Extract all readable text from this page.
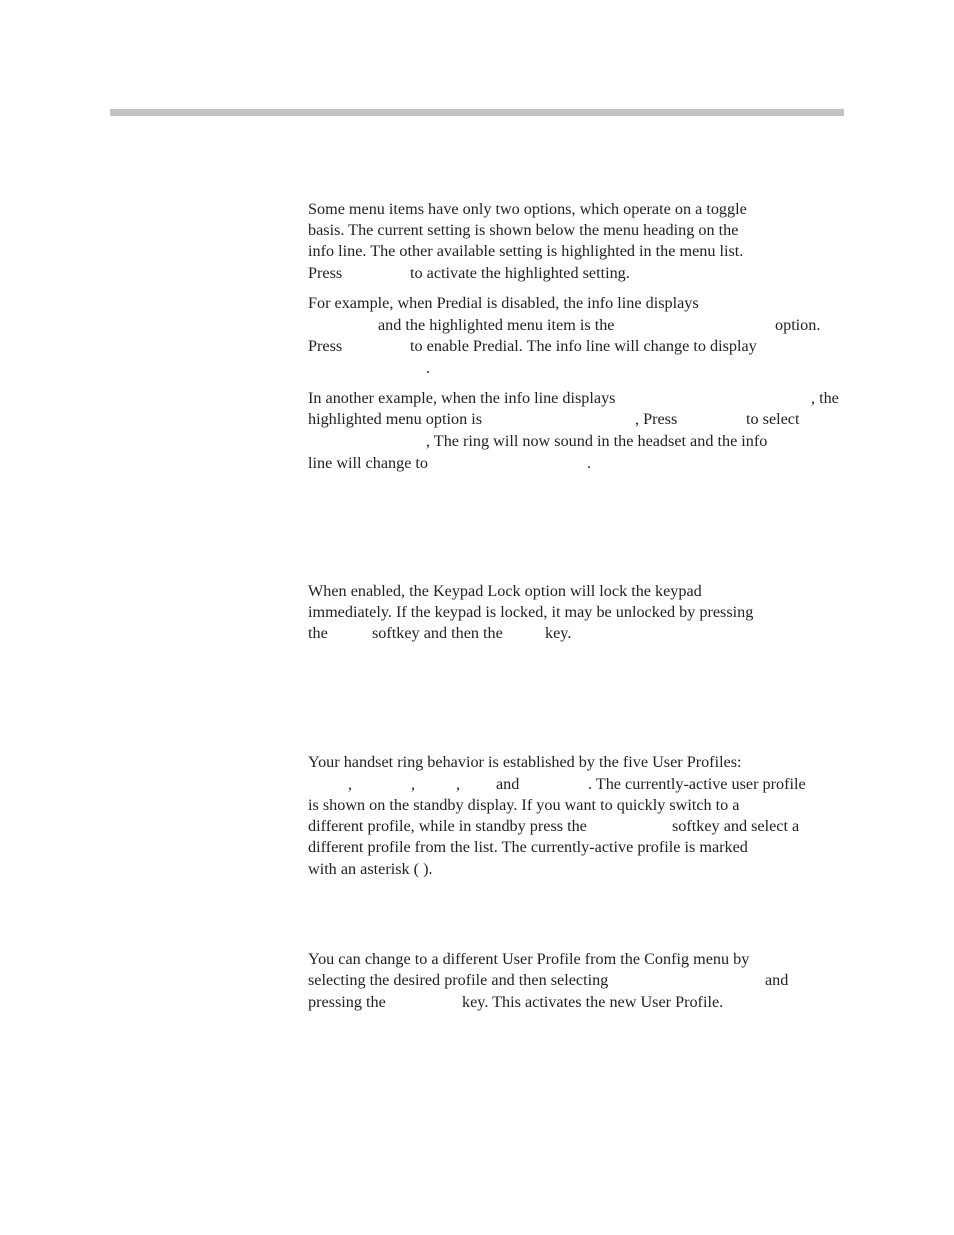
Some menu items have only two options, which operate on a toggle
basis. The current setting is shown below the menu heading on the
info line. The other available setting is highlighted in the menu list.
Press	to activate the highlighted setting.
For example, when Predial is disabled, the info line displays
and the highlighted menu item is the	option.
Press	to enable Predial. The info line will change to display
.
In another example, when the info line displays	, the
highlighted menu option is	, Press	to select
, The ring will now sound in the headset and the info
line will change to	.
When enabled, the Keypad Lock option will lock the keypad
immediately. If the keypad is locked, it may be unlocked by pressing
the	softkey and then the	key.
Your handset ring behavior is established by the five User Profiles:
,	,	, and	. The currently-active user profile
is shown on the standby display. If you want to quickly switch to a
different profile, while in standby press the	softkey and select a
different profile from the list. The currently-active profile is marked
with an asterisk ( ).
You can change to a different User Profile from the Config menu by
selecting the desired profile and then selecting	and
pressing the	key. This activates the new User Profile.
